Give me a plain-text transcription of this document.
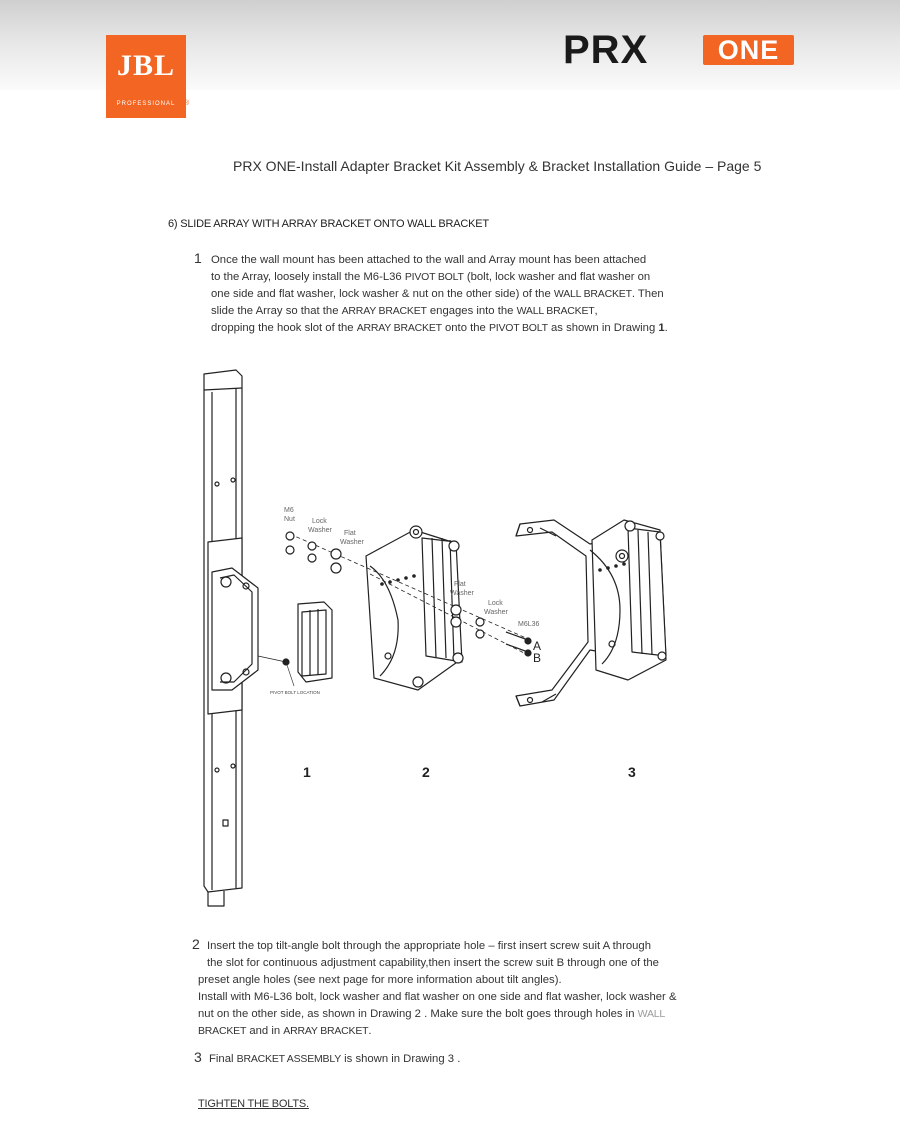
JBL
PROFESSIONAL	®
PRX	ONE
PRX ONE-Install Adapter Bracket Kit Assembly & Bracket Installation Guide – Page 5
6) SLIDE ARRAY WITH ARRAY BRACKET ONTO WALL BRACKET
1 Once the wall mount has been attached to the wall and Array mount has been attached
to the Array, loosely install the M6-L36 PIVOT BOLT (bolt, lock washer and flat washer on
one side and flat washer, lock washer & nut on the other side) of the WALL BRACKET. Then
slide the Array so that the ARRAY BRACKET engages into the WALL BRACKET,
dropping the hook slot of the ARRAY BRACKET onto the PIVOT BOLT as shown in Drawing 1.
M6
Nut Lock
Washer Flat
Washer
Flat
Washer
Lock
Washer
M6L36
A
B
PIVOT BOLT LOCATION
1	2	3
2 Insert the top tilt-angle bolt through the appropriate hole – first insert screw suit A through
the slot for continuous adjustment capability,then insert the screw suit B through one of the
preset angle holes (see next page for more information about tilt angles).
Install with M6-L36 bolt, lock washer and flat washer on one side and flat washer, lock washer &
nut on the other side, as shown in Drawing 2 . Make sure the bolt goes through holes in WALL
BRACKET and in ARRAY BRACKET.
3 Final BRACKET ASSEMBLY is shown in Drawing 3 .
TIGHTEN THE BOLTS.
